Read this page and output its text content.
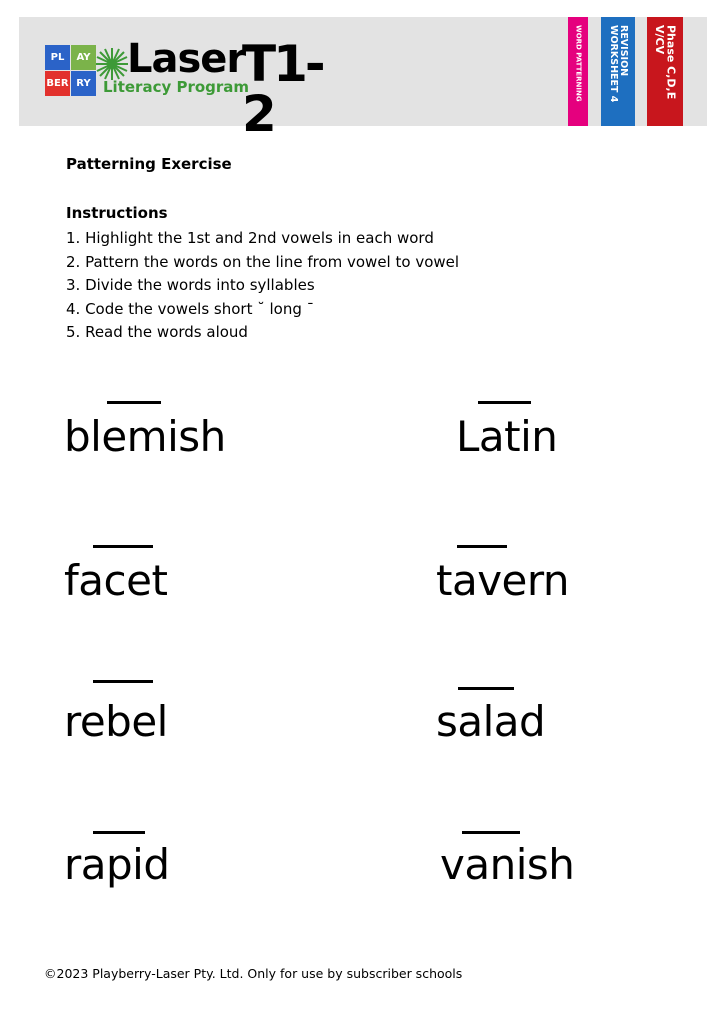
PL	AY
BER RY
Laser
T1-2
Literacy Program	WORD PATTERNING	REVISION
WORKSHEET 4
Phase C,D,E
V/CV
Patterning Exercise
Instructions
1. Highlight the 1st and 2nd vowels in each word
2. Pattern the words on the line from vowel to vowel
3. Divide the words into syllables
4. Code the vowels short ˘ long ¯
5. Read the words aloud
blemish	Latin
facet	tavern
rebel	salad
rapid	vanish
©2023 Playberry-Laser Pty. Ltd. Only for use by subscriber schools
